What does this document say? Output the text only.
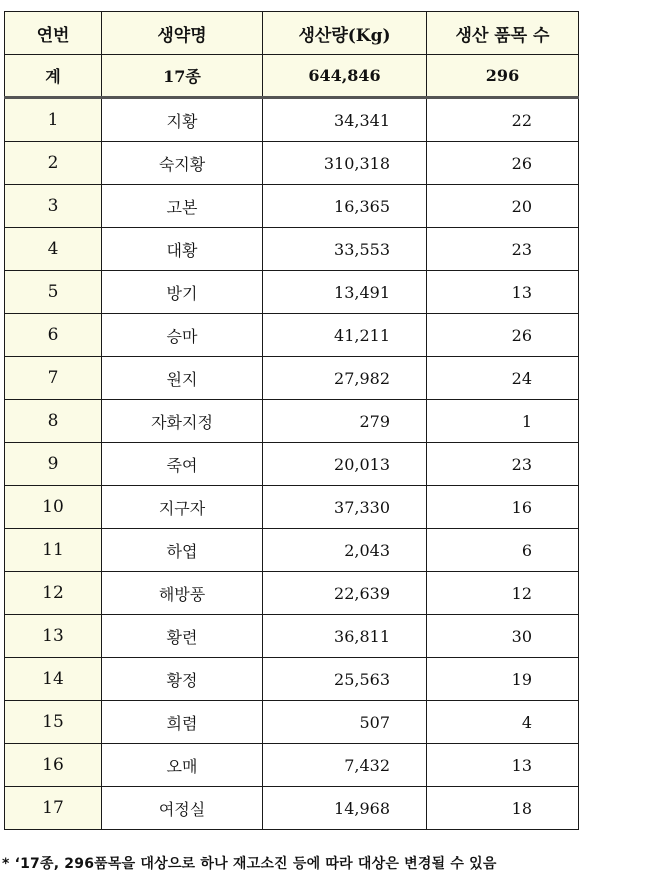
연번	생약명	생산량(Kg)	생산 품목 수
계	17종	644,846	296
1	지황	34,341	22
2	숙지황	310,318	26
3	고본	16,365	20
4	대황	33,553	23
5	방기	13,491	13
6	승마	41,211	26
7	원지	27,982	24
8	자화지정	279	1
9	죽여	20,013	23
10	지구자	37,330	16
11	하엽	2,043	6
12	해방풍	22,639	12
13	황련	36,811	30
14	황정	25,563	19
15	희렴	507	4
16	오매	7,432	13
17	여정실	14,968	18
* ‘17종, 296품목을 대상으로 하나 재고소진 등에 따라 대상은 변경될 수 있음
